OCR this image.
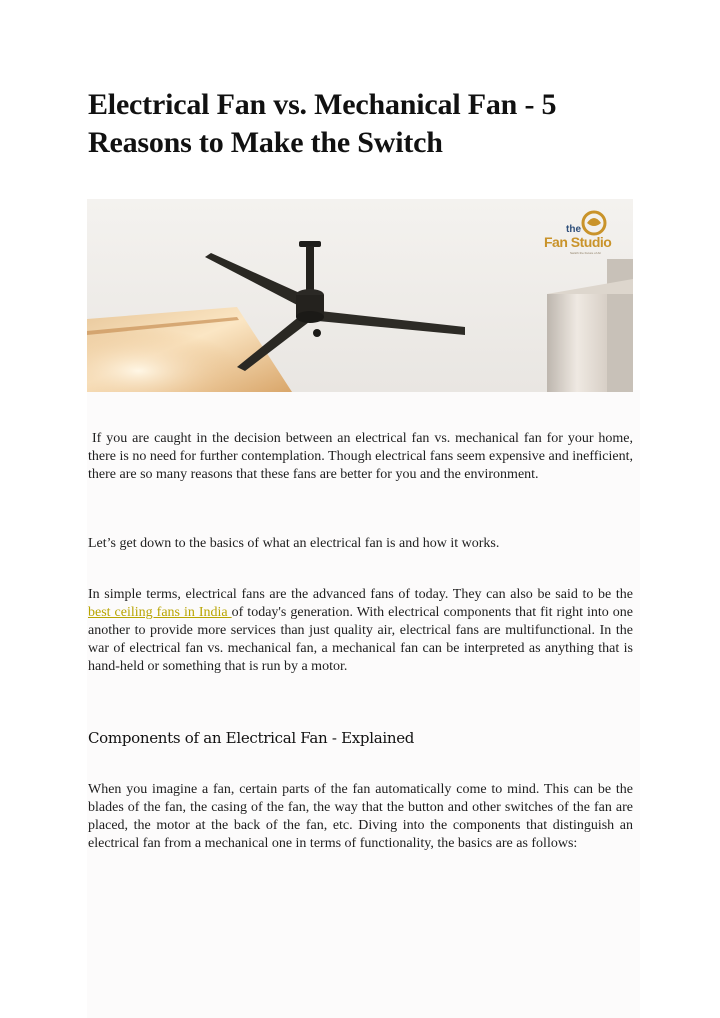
Electrical Fan vs. Mechanical Fan - 5 Reasons to Make the Switch
the
Fan Studio
Switch the Future of Air

If you are caught in the decision between an electrical fan vs. mechanical fan for your home, there is no need for further contemplation. Though electrical fans seem expensive and inefficient, there are so many reasons that these fans are better for you and the environment.

Let’s get down to the basics of what an electrical fan is and how it works.

In simple terms, electrical fans are the advanced fans of today. They can also be said to be the best ceiling fans in India of today's generation. With electrical components that fit right into one another to provide more services than just quality air, electrical fans are multifunctional. In the war of electrical fan vs. mechanical fan, a mechanical fan can be interpreted as anything that is hand-held or something that is run by a motor.

Components of an Electrical Fan - Explained

When you imagine a fan, certain parts of the fan automatically come to mind. This can be the blades of the fan, the casing of the fan, the way that the button and other switches of the fan are placed, the motor at the back of the fan, etc. Diving into the components that distinguish an electrical fan from a mechanical one in terms of functionality, the basics are as follows:
